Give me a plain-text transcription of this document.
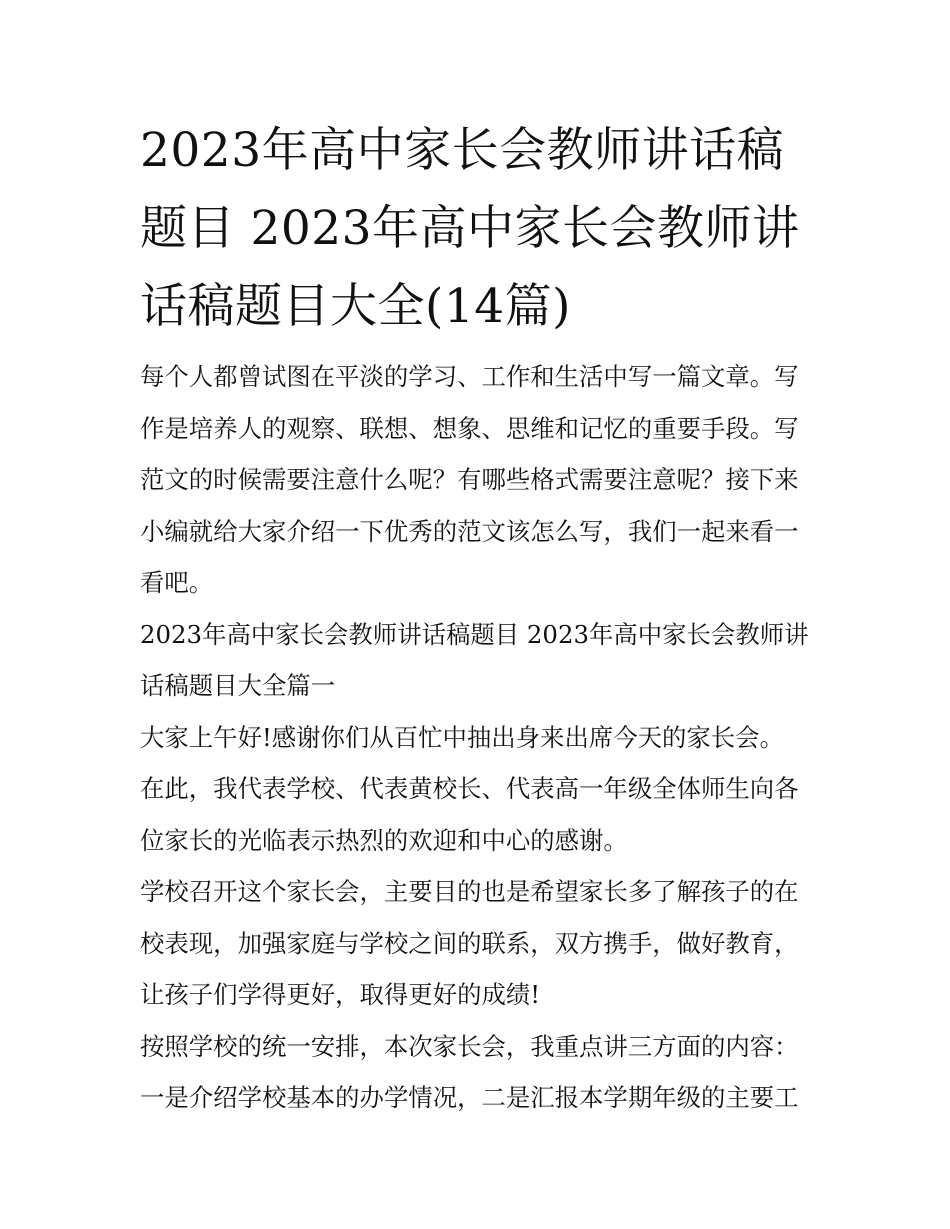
2023年高中家长会教师讲话稿题目 2023年高中家长会教师讲话稿题目大全(14篇)

每个人都曾试图在平淡的学习、工作和生活中写一篇文章。写作是培养人的观察、联想、想象、思维和记忆的重要手段。写范文的时候需要注意什么呢？有哪些格式需要注意呢？接下来小编就给大家介绍一下优秀的范文该怎么写，我们一起来看一看吧。

2023年高中家长会教师讲话稿题目 2023年高中家长会教师讲话稿题目大全篇一

大家上午好!感谢你们从百忙中抽出身来出席今天的家长会。

在此，我代表学校、代表黄校长、代表高一年级全体师生向各位家长的光临表示热烈的欢迎和中心的感谢。

学校召开这个家长会，主要目的也是希望家长多了解孩子的在校表现，加强家庭与学校之间的联系，双方携手，做好教育，让孩子们学得更好，取得更好的成绩!

按照学校的统一安排，本次家长会，我重点讲三方面的内容：一是介绍学校基本的办学情况，二是汇报本学期年级的主要工
